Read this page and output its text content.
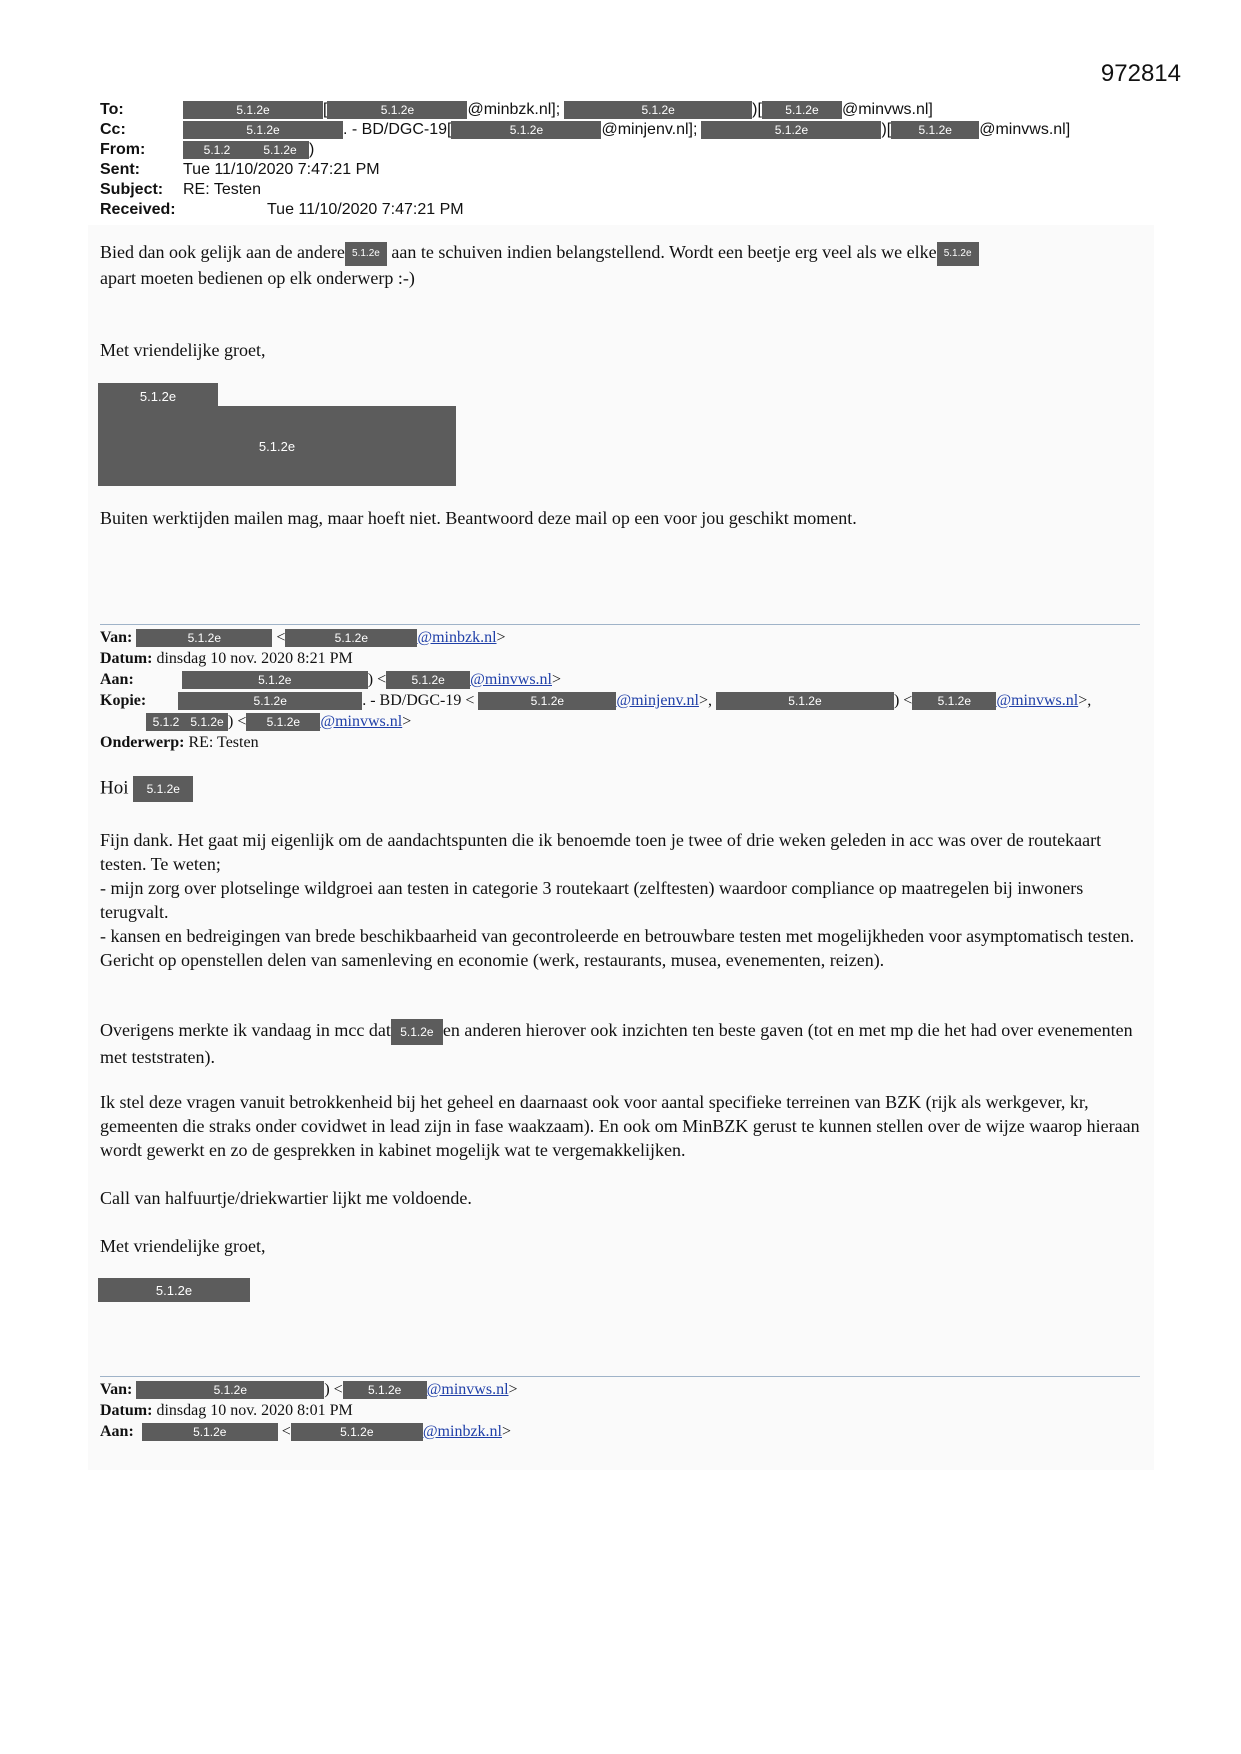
972814
To:	5.1.2e	[	5.1.2e	@minbzk.nl];	5.1.2e	)[	5.1.2e	@minvws.nl]
Cc:	5.1.2e	. - BD/DGC-19[	5.1.2e	@minjenv.nl];	5.1.2e	)[	5.1.2e	@minvws.nl]
From:	5.1.2	5.1.2e )
Sent:	Tue 11/10/2020 7:47:21 PM
Subject:	RE: Testen
Received:	Tue 11/10/2020 7:47:21 PM
Bied dan ook gelijk aan de andere 5.1.2e aan te schuiven indien belangstellend. Wordt een beetje erg veel als we elke 5.1.2e
apart moeten bedienen op elk onderwerp :-)
Met vriendelijke groet,
5.1.2e
5.1.2e
Buiten werktijden mailen mag, maar hoeft niet. Beantwoord deze mail op een voor jou geschikt moment.
Van:
	5.1.2e
	<	5.1.2e	@minbzk.nl >
Datum:
dinsdag 10 nov. 2020 8:21 PM
Aan:
	5.1.2e	) <	5.1.2e	@minvws.nl >
Kopie:
	5.1.2e	. - BD/DGC-19 <
	5.1.2e	@minjenv.nl >,
	5.1.2e	) <	5.1.2e	@minvws.nl >,
5.1.2 5.1.2e ) <	5.1.2e	@minvws.nl >
Onderwerp:
RE: Testen
Hoi 5.1.2e
Fijn dank. Het gaat mij eigenlijk om de aandachtspunten die ik benoemde toen je twee of drie weken geleden in acc was over de routekaart testen. Te weten;
- mijn zorg over plotselinge wildgroei aan testen in categorie 3 routekaart (zelftesten) waardoor compliance op maatregelen bij inwoners terugvalt.
- kansen en bedreigingen van brede beschikbaarheid van gecontroleerde en betrouwbare testen met mogelijkheden voor asymptomatisch testen. Gericht op openstellen delen van samenleving en economie (werk, restaurants, musea, evenementen, reizen).
Overigens merkte ik vandaag in mcc dat 5.1.2e en anderen hierover ook inzichten ten beste gaven (tot en met mp die het had over evenementen met teststraten).
Ik stel deze vragen vanuit betrokkenheid bij het geheel en daarnaast ook voor aantal specifieke terreinen van BZK (rijk als werkgever, kr, gemeenten die straks onder covidwet in lead zijn in fase waakzaam). En ook om MinBZK gerust te kunnen stellen over de wijze waarop hieraan wordt gewerkt en zo de gesprekken in kabinet mogelijk wat te vergemakkelijken.
Call van halfuurtje/driekwartier lijkt me voldoende.
Met vriendelijke groet,
5.1.2e
Van:
	5.1.2e	) <	5.1.2e	@minvws.nl >
Datum:
dinsdag 10 nov. 2020 8:01 PM
Aan:
	5.1.2e
	<	5.1.2e	@minbzk.nl >
